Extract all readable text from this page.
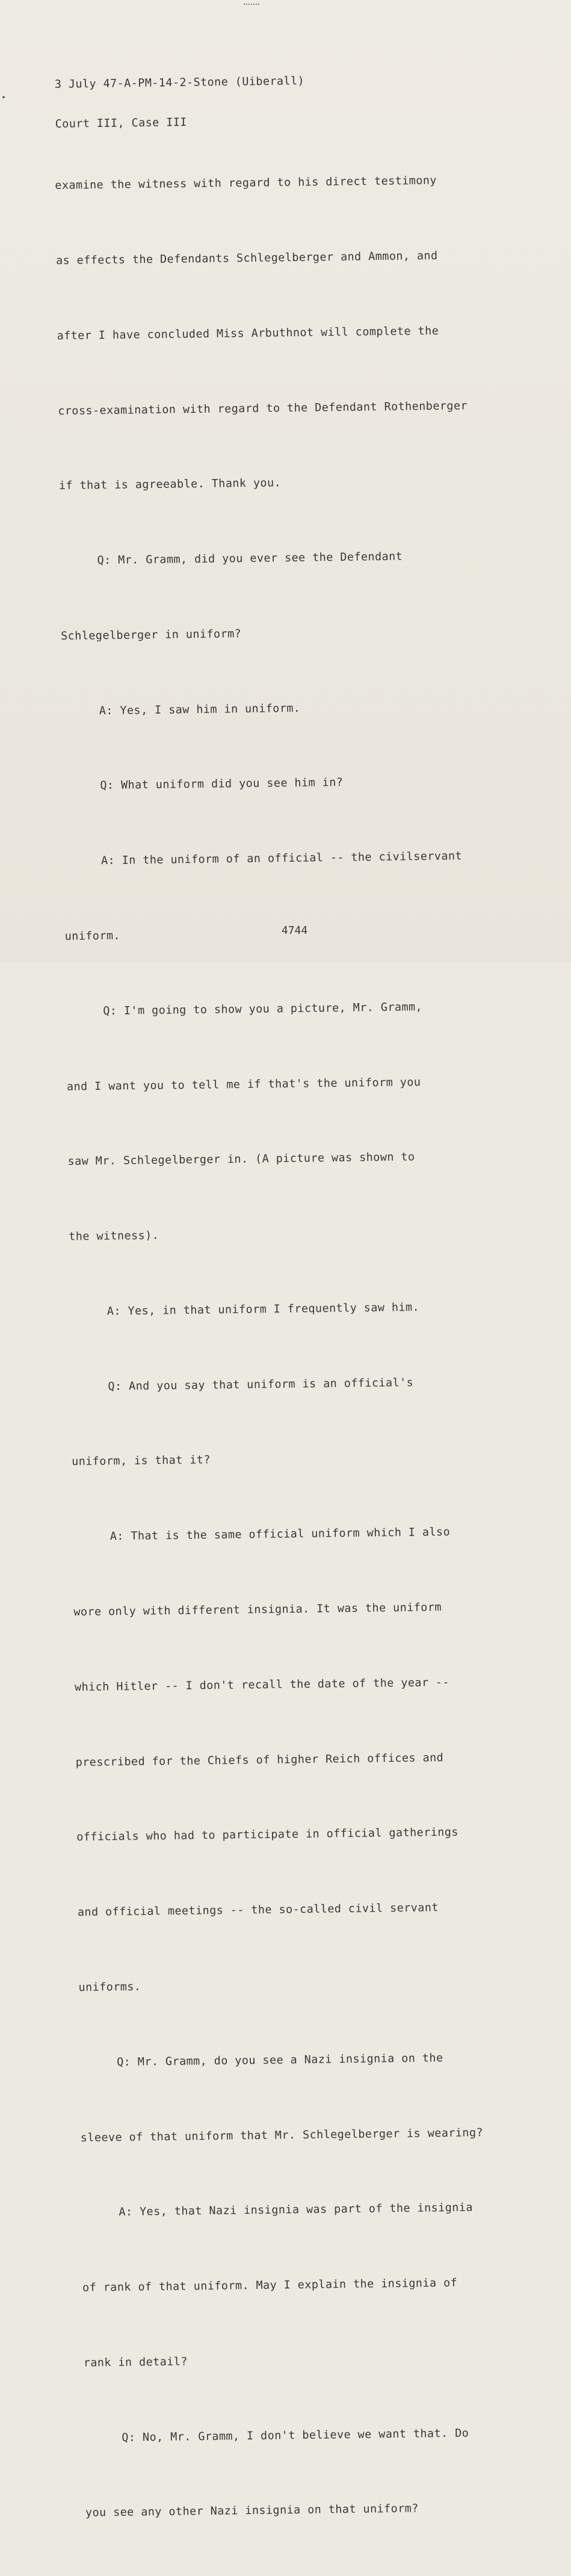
3 July 47-A-PM-14-2-Stone (Uiberall)

Court III, Case III

examine the witness with regard to his direct testimony

as effects the Defendants Schlegelberger and Ammon, and

after I have concluded Miss Arbuthnot will complete the

cross-examination with regard to the Defendant Rothenberger

if that is agreeable. Thank you.

Q: Mr. Gramm, did you ever see the Defendant

Schlegelberger in uniform?

A: Yes, I saw him in uniform.

Q: What uniform did you see him in?

A: In the uniform of an official -- the civilservant

uniform.

Q: I'm going to show you a picture, Mr. Gramm,

and I want you to tell me if that's the uniform you

saw Mr. Schlegelberger in. (A picture was shown to

the witness).

A: Yes, in that uniform I frequently saw him.

Q: And you say that uniform is an official's

uniform, is that it?

A: That is the same official uniform which I also

wore only with different insignia. It was the uniform

which Hitler -- I don't recall the date of the year --

prescribed for the Chiefs of higher Reich offices and

officials who had to participate in official gatherings

and official meetings -- the so-called civil servant

uniforms.

Q: Mr. Gramm, do you see a Nazi insignia on the

sleeve of that uniform that Mr. Schlegelberger is wearing?

A: Yes, that Nazi insignia was part of the insignia

of rank of that uniform. May I explain the insignia of

rank in detail?

Q: No, Mr. Gramm, I don't believe we want that. Do

you see any other Nazi insignia on that uniform?

4744
